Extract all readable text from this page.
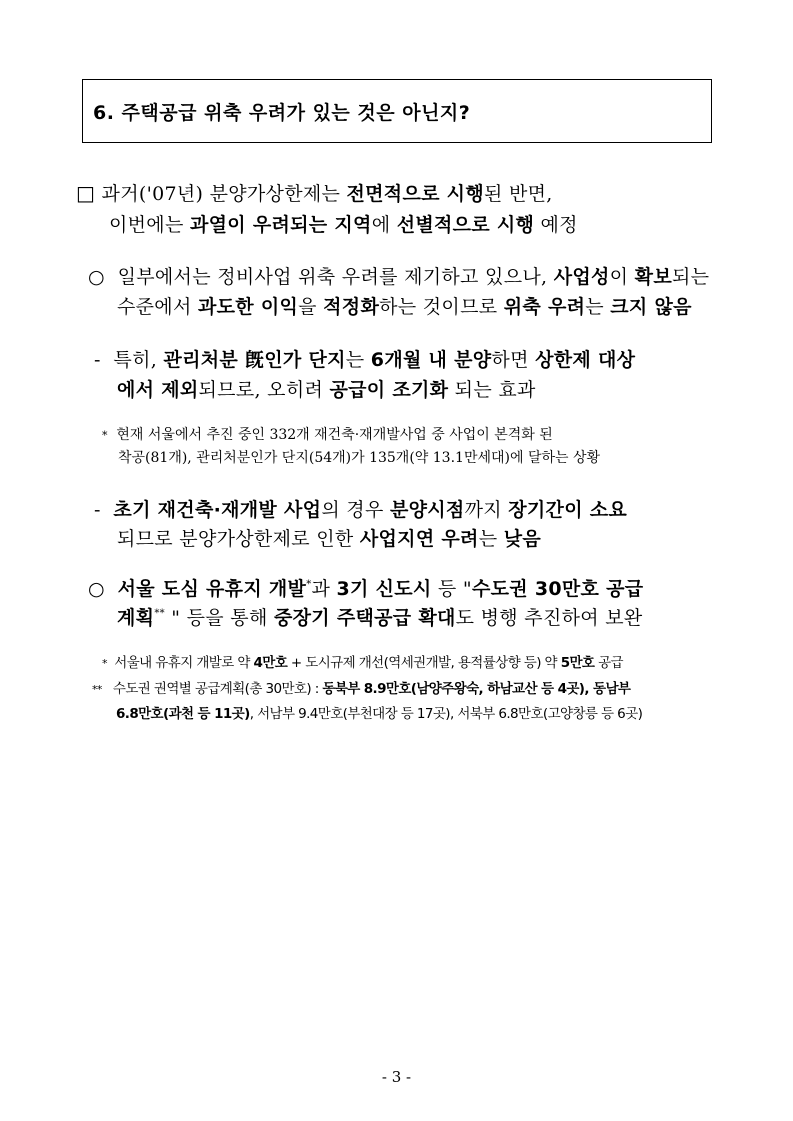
6. 주택공급 위축 우려가 있는 것은 아닌지?
□ 과거('07년) 분양가상한제는 전면적으로 시행된 반면,
이번에는 과열이 우려되는 지역에 선별적으로 시행 예정
○ 일부에서는 정비사업 위축 우려를 제기하고 있으나, 사업성이 확보되는
수준에서 과도한 이익을 적정화하는 것이므로 위축 우려는 크지 않음
- 특히, 관리처분 旣인가 단지는 6개월 내 분양하면 상한제 대상
에서 제외되므로, 오히려 공급이 조기화 되는 효과
* 현재 서울에서 추진 중인 332개 재건축·재개발사업 중 사업이 본격화 된
착공(81개), 관리처분인가 단지(54개)가 135개(약 13.1만세대)에 달하는 상황
- 초기 재건축·재개발 사업의 경우 분양시점까지 장기간이 소요
되므로 분양가상한제로 인한 사업지연 우려는 낮음
○ 서울 도심 유휴지 개발*과 3기 신도시 등 "수도권 30만호 공급
계획** " 등을 통해 중장기 주택공급 확대도 병행 추진하여 보완
* 서울내 유휴지 개발로 약 4만호 + 도시규제 개선(역세권개발, 용적률상향 등) 약 5만호 공급
** 수도권 권역별 공급계획(총 30만호) : 동북부 8.9만호(남양주왕숙, 하남교산 등 4곳), 동남부
6.8만호(과천 등 11곳), 서남부 9.4만호(부천대장 등 17곳), 서북부 6.8만호(고양창릉 등 6곳)
- 3 -
